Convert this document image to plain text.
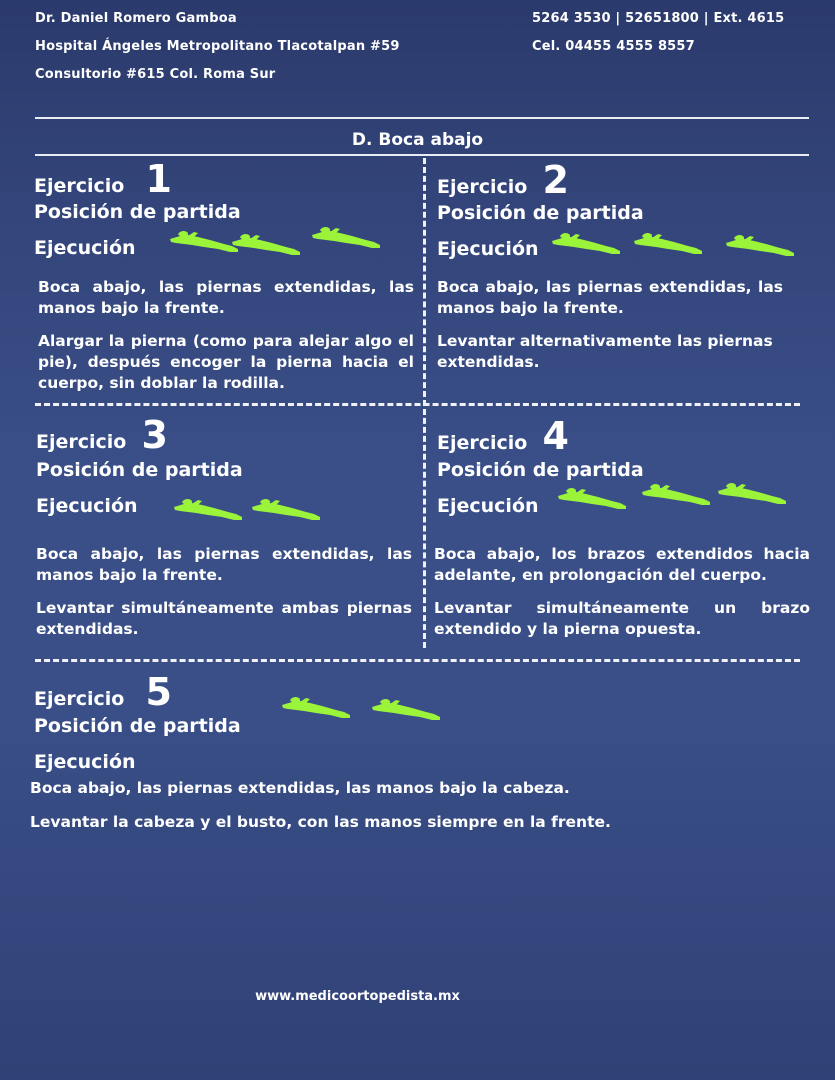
Dr. Daniel Romero Gamboa
Hospital Ángeles Metropolitano Tlacotalpan #59
Consultorio #615 Col. Roma Sur
5264 3530 | 52651800 | Ext. 4615
Cel. 04455 4555 8557
D. Boca abajo
Ejercicio 1
Posición de partida
Ejecución
Boca abajo, las piernas extendidas, las manos bajo la frente.
Alargar la pierna (como para alejar algo el pie), después encoger la pierna hacia el cuerpo, sin doblar la rodilla.
Ejercicio 2
Posición de partida
Ejecución
Boca abajo, las piernas extendidas, las manos bajo la frente.
Levantar alternativamente las piernas extendidas.
Ejercicio 3
Posición de partida
Ejecución
Boca abajo, las piernas extendidas, las manos bajo la frente.
Levantar simultáneamente ambas piernas extendidas.
Ejercicio 4
Posición de partida
Ejecución
Boca abajo, los brazos extendidos hacia adelante, en prolongación del cuerpo.
Levantar simultáneamente un brazo extendido y la pierna opuesta.
Ejercicio 5
Posición de partida
Ejecución
Boca abajo, las piernas extendidas, las manos bajo la cabeza.
Levantar la cabeza y el busto, con las manos siempre en la frente.
www.medicoortopedista.mx
